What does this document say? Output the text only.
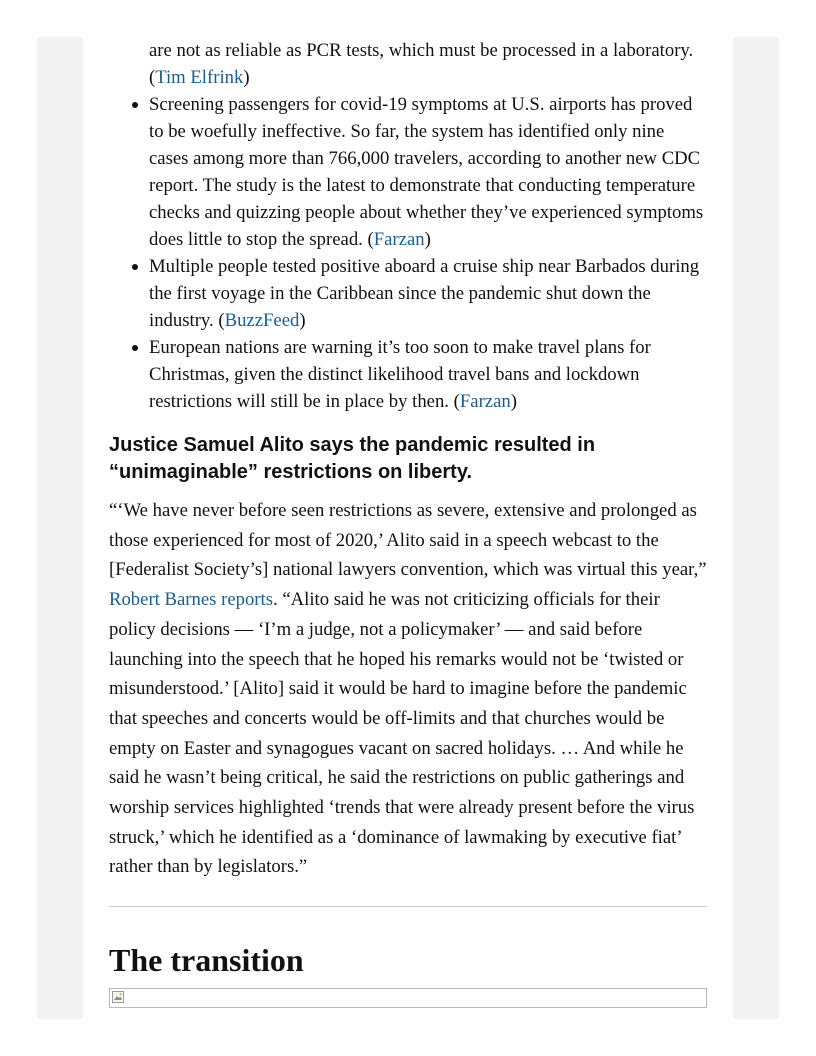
are not as reliable as PCR tests, which must be processed in a laboratory. (Tim Elfrink)
Screening passengers for covid-19 symptoms at U.S. airports has proved to be woefully ineffective. So far, the system has identified only nine cases among more than 766,000 travelers, according to another new CDC report. The study is the latest to demonstrate that conducting temperature checks and quizzing people about whether they’ve experienced symptoms does little to stop the spread. (Farzan)
Multiple people tested positive aboard a cruise ship near Barbados during the first voyage in the Caribbean since the pandemic shut down the industry. (BuzzFeed)
European nations are warning it’s too soon to make travel plans for Christmas, given the distinct likelihood travel bans and lockdown restrictions will still be in place by then. (Farzan)
Justice Samuel Alito says the pandemic resulted in “unimaginable” restrictions on liberty.

“‘We have never before seen restrictions as severe, extensive and prolonged as those experienced for most of 2020,’ Alito said in a speech webcast to the [Federalist Society’s] national lawyers convention, which was virtual this year,” Robert Barnes reports. “Alito said he was not criticizing officials for their policy decisions — ‘I’m a judge, not a policymaker’ — and said before launching into the speech that he hoped his remarks would not be ‘twisted or misunderstood.’ [Alito] said it would be hard to imagine before the pandemic that speeches and concerts would be off-limits and that churches would be empty on Easter and synagogues vacant on sacred holidays. … And while he said he wasn’t being critical, he said the restrictions on public gatherings and worship services highlighted ‘trends that were already present before the virus struck,’ which he identified as a ‘dominance of lawmaking by executive fiat’ rather than by legislators.”

The transition
